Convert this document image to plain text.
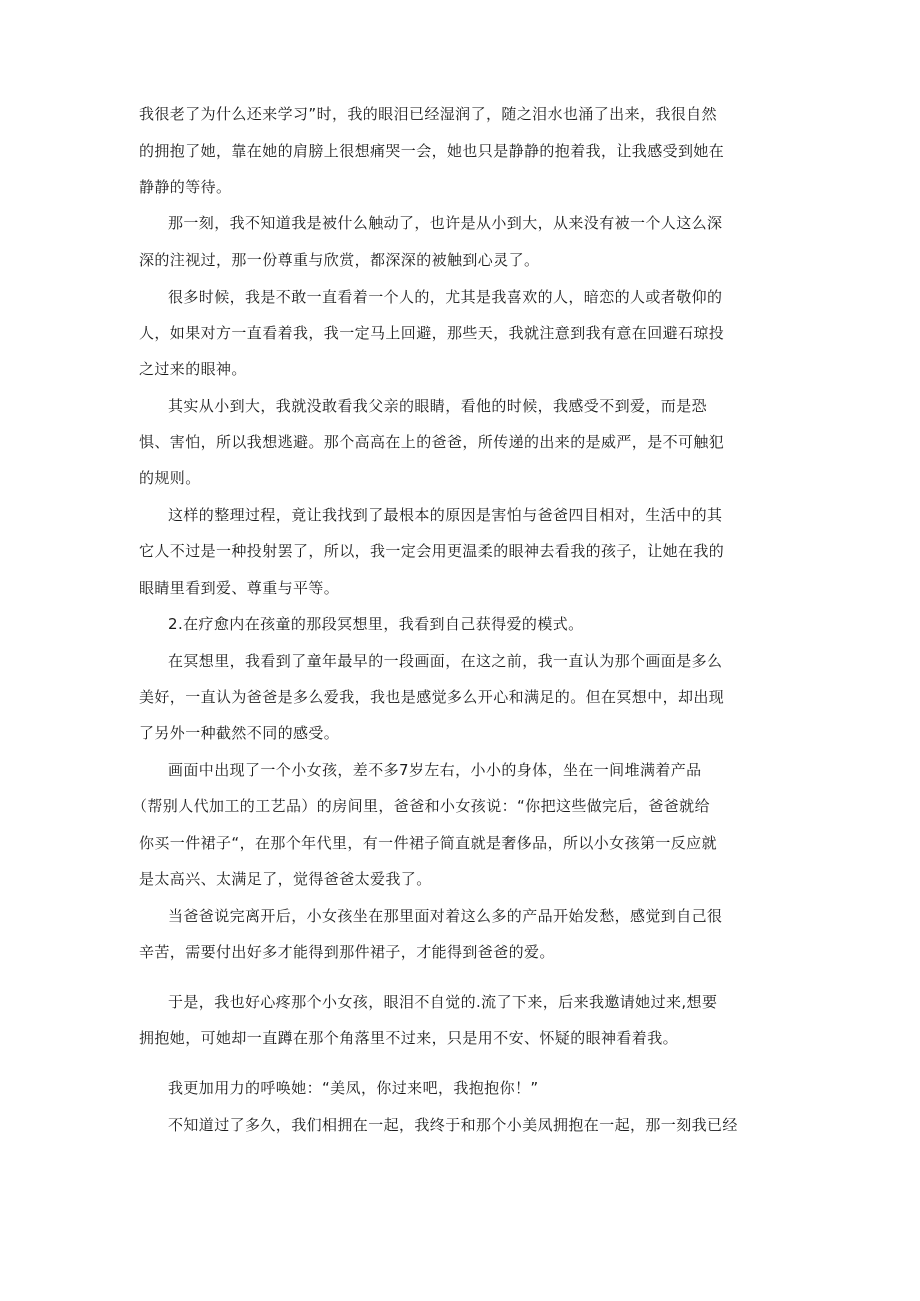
我很老了为什么还来学习”时，我的眼泪已经湿润了，随之泪水也涌了出来，我很自然
的拥抱了她，靠在她的肩膀上很想痛哭一会，她也只是静静的抱着我，让我感受到她在
静静的等待。
那一刻，我不知道我是被什么触动了，也许是从小到大，从来没有被一个人这么深
深的注视过，那一份尊重与欣赏，都深深的被触到心灵了。
很多时候，我是不敢一直看着一个人的，尤其是我喜欢的人，暗恋的人或者敬仰的
人，如果对方一直看着我，我一定马上回避，那些天，我就注意到我有意在回避石琼投
之过来的眼神。
其实从小到大，我就没敢看我父亲的眼睛，看他的时候，我感受不到爱，而是恐
惧、害怕，所以我想逃避。那个高高在上的爸爸，所传递的出来的是威严，是不可触犯
的规则。
这样的整理过程，竟让我找到了最根本的原因是害怕与爸爸四目相对，生活中的其
它人不过是一种投射罢了，所以，我一定会用更温柔的眼神去看我的孩子，让她在我的
眼睛里看到爱、尊重与平等。
2.在疗愈内在孩童的那段冥想里，我看到自己获得爱的模式。
在冥想里，我看到了童年最早的一段画面，在这之前，我一直认为那个画面是多么
美好，一直认为爸爸是多么爱我，我也是感觉多么开心和满足的。但在冥想中，却出现
了另外一种截然不同的感受。
画面中出现了一个小女孩，差不多7岁左右，小小的身体，坐在一间堆满着产品
（帮别人代加工的工艺品）的房间里，爸爸和小女孩说：“你把这些做完后，爸爸就给
你买一件裙子“，在那个年代里，有一件裙子简直就是奢侈品，所以小女孩第一反应就
是太高兴、太满足了，觉得爸爸太爱我了。
当爸爸说完离开后，小女孩坐在那里面对着这么多的产品开始发愁，感觉到自己很
辛苦，需要付出好多才能得到那件裙子，才能得到爸爸的爱。
于是，我也好心疼那个小女孩，眼泪不自觉的.流了下来，后来我邀请她过来,想要
拥抱她，可她却一直蹲在那个角落里不过来，只是用不安、怀疑的眼神看着我。
我更加用力的呼唤她：“美凤，你过来吧，我抱抱你！”
不知道过了多久，我们相拥在一起，我终于和那个小美凤拥抱在一起，那一刻我已经
